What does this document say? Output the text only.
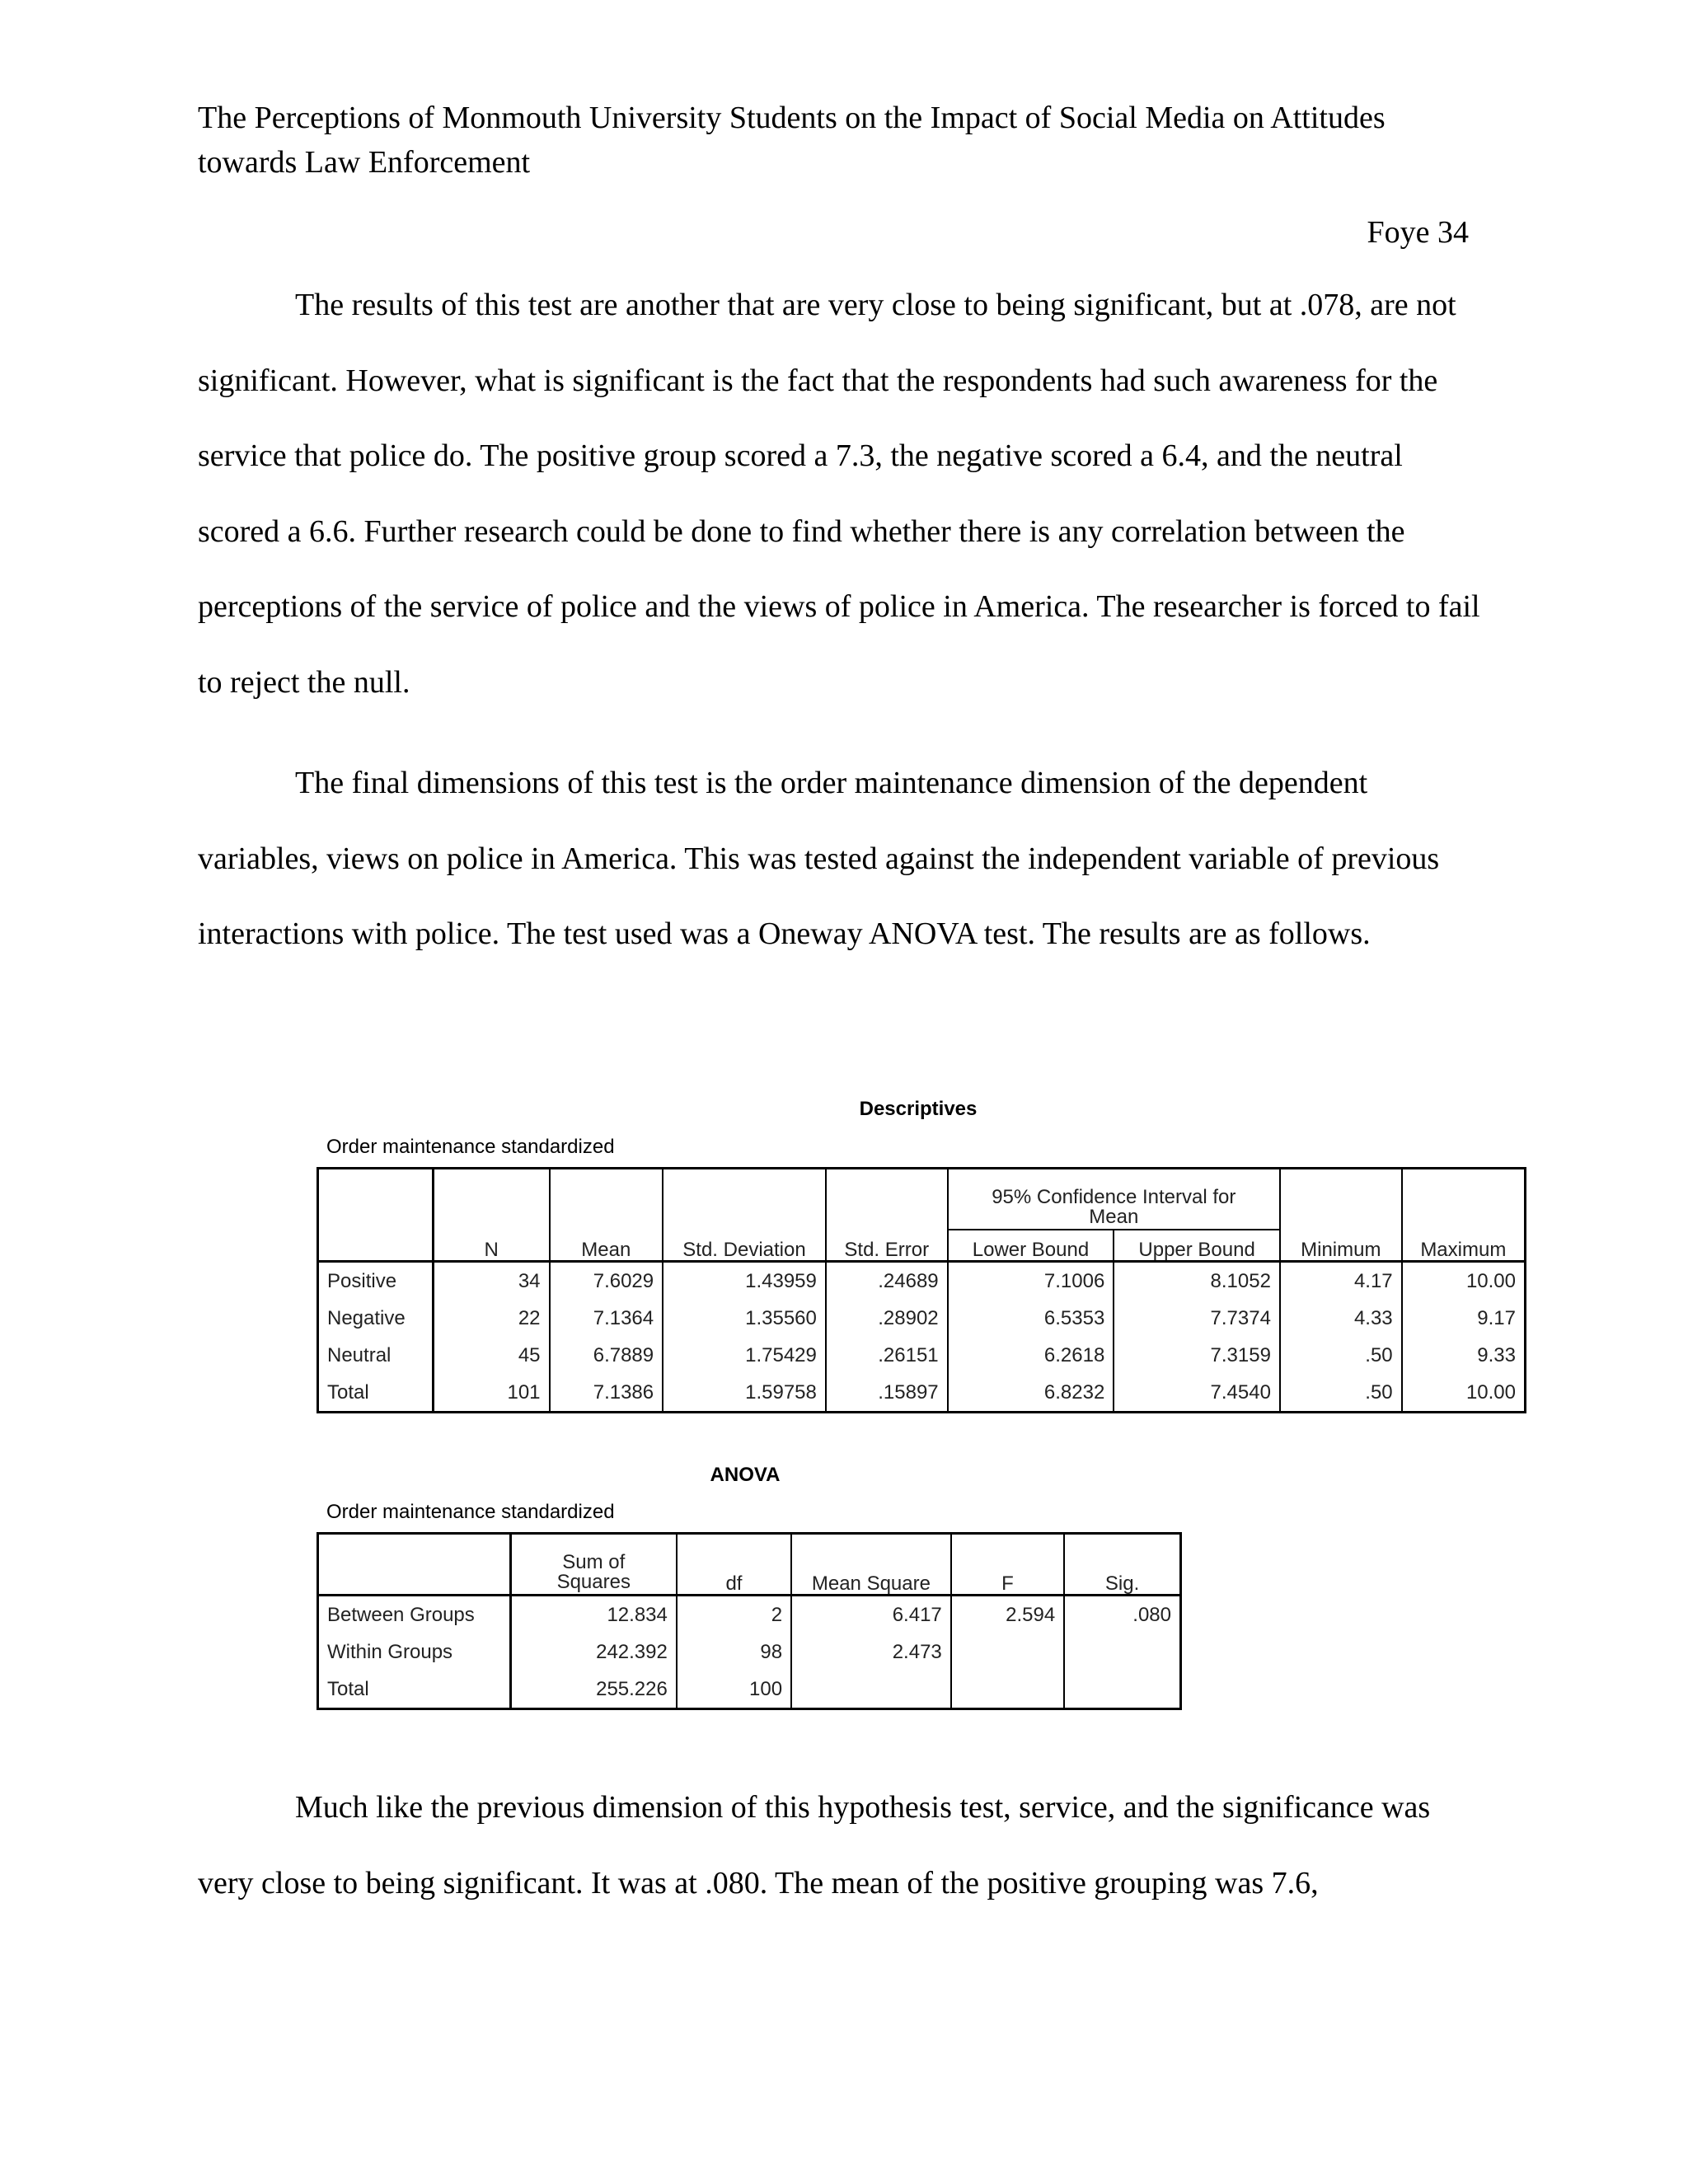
The Perceptions of Monmouth University Students on the Impact of Social Media on Attitudes towards Law Enforcement
Foye 34

The results of this test are another that are very close to being significant, but at .078, are not significant. However, what is significant is the fact that the respondents had such awareness for the service that police do. The positive group scored a 7.3, the negative scored a 6.4, and the neutral scored a 6.6. Further research could be done to find whether there is any correlation between the perceptions of the service of police and the views of police in America. The researcher is forced to fail to reject the null.

The final dimensions of this test is the order maintenance dimension of the dependent variables, views on police in America. This was tested against the independent variable of previous interactions with police. The test used was a Oneway ANOVA test. The results are as follows.

Descriptives
Order maintenance standardized
					95% Confidence Interval for Mean			
	N	Mean	Std. Deviation	Std. Error	Lower Bound	Upper Bound	Minimum	Maximum
Positive	34	7.6029	1.43959	.24689	7.1006	8.1052	4.17	10.00
Negative	22	7.1364	1.35560	.28902	6.5353	7.7374	4.33	9.17
Neutral	45	6.7889	1.75429	.26151	6.2618	7.3159	.50	9.33
Total	101	7.1386	1.59758	.15897	6.8232	7.4540	.50	10.00
ANOVA
Order maintenance standardized
	Sum of Squares	df	Mean Square	F	Sig.
Between Groups	12.834	2	6.417	2.594	.080
Within Groups	242.392	98	2.473		
Total	255.226	100			

Much like the previous dimension of this hypothesis test, service, and the significance was very close to being significant. It was at .080. The mean of the positive grouping was 7.6,
